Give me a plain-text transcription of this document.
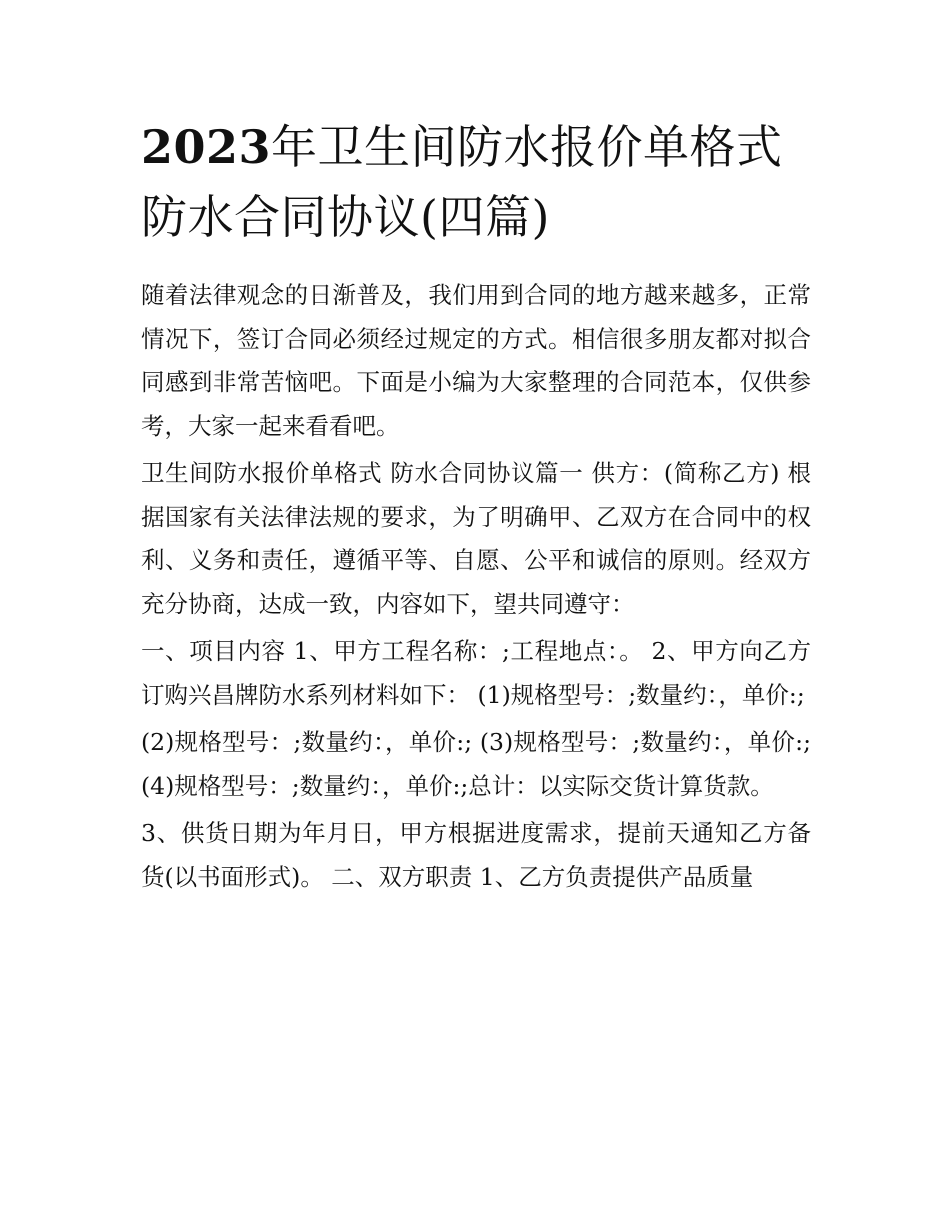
2023年卫生间防水报价单格式防水合同协议(四篇)

随着法律观念的日渐普及，我们用到合同的地方越来越多，正常情况下，签订合同必须经过规定的方式。相信很多朋友都对拟合同感到非常苦恼吧。下面是小编为大家整理的合同范本，仅供参考，大家一起来看看吧。

卫生间防水报价单格式 防水合同协议篇一 供方：(简称乙方) 根据国家有关法律法规的要求，为了明确甲、乙双方在合同中的权利、义务和责任，遵循平等、自愿、公平和诚信的原则。经双方充分协商，达成一致，内容如下，望共同遵守：

一、项目内容 1、甲方工程名称：;工程地点：。 2、甲方向乙方订购兴昌牌防水系列材料如下： (1)规格型号：;数量约：，单价:;

(2)规格型号：;数量约：，单价:; (3)规格型号：;数量约：，单价:; (4)规格型号：;数量约：，单价:;总计：以实际交货计算货款。

3、供货日期为年月日，甲方根据进度需求，提前天通知乙方备货(以书面形式)。 二、双方职责 1、乙方负责提供产品质量
